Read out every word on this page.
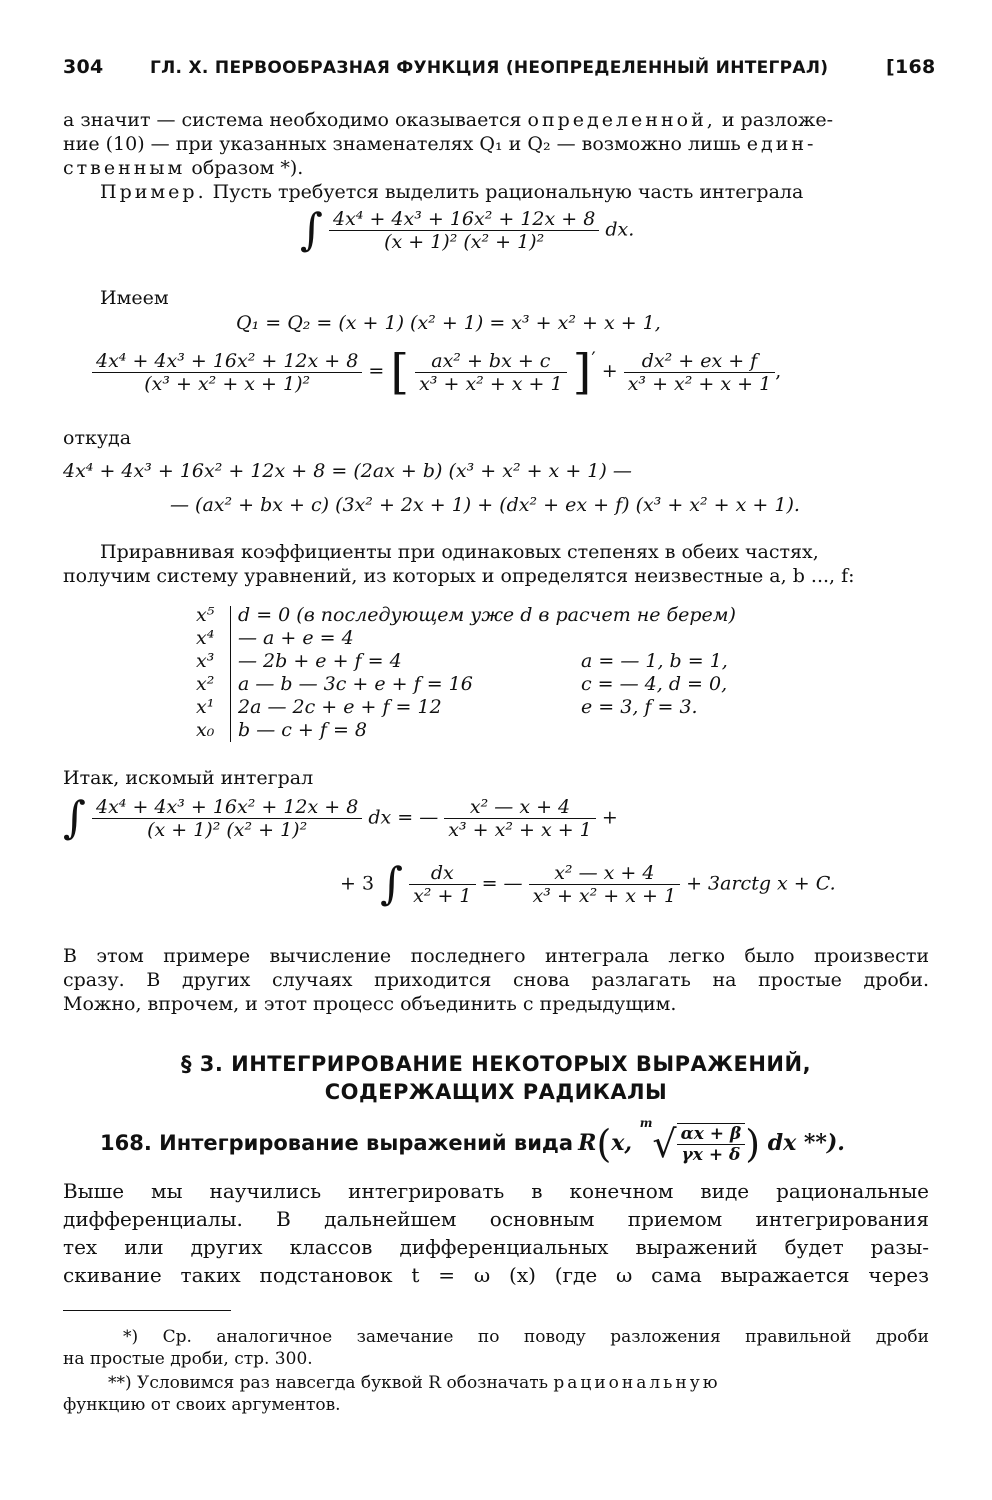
304	ГЛ. X. ПЕРВООБРАЗНАЯ ФУНКЦИЯ (НЕОПРЕДЕЛЕННЫЙ ИНТЕГРАЛ)	[168
а значит — система необходимо оказывается определенной, и разложе-
ние (10) — при указанных знаменателях Q₁ и Q₂ — возможно лишь един-
ственным образом *).
Пример. Пусть требуется выделить рациональную часть интеграла
∫ $\frac{\text{4x⁴ + 4x³ + 16x² + 12x + 8}}{\text{(x + 1)² (x² + 1)²}}$ dx.
Имеем
Q₁ = Q₂ = (x + 1) (x² + 1) = x³ + x² + x + 1,
$\frac{\text{4x⁴ + 4x³ + 16x² + 12x + 8}}{\text{(x³ + x² + x + 1)²}}$ = [ $\frac{\text{ax² + bx + c}}{\text{x³ + x² + x + 1}}$ ]′ + $\frac{\text{dx² + ex + f}}{\text{x³ + x² + x + 1}}$ ,
откуда
4x⁴ + 4x³ + 16x² + 12x + 8 = (2ax + b) (x³ + x² + x + 1) —
— (ax² + bx + c) (3x² + 2x + 1) + (dx² + ex + f) (x³ + x² + x + 1).
Приравнивая коэффициенты при одинаковых степенях в обеих частях,
получим систему уравнений, из которых и определятся неизвестные a, b ..., f:
x⁵
x⁴
x³
x²
x¹
x₀
d = 0 (в последующем уже d в расчет не берем)
— a + e = 4
— 2b + e + f = 4
a — b — 3c + e + f = 16
2a — 2c + e + f = 12
b — c + f = 8

a = — 1, b = 1,
c = — 4, d = 0,
e = 3, f = 3.
Итак, искомый интеграл
∫ $\frac{\text{4x⁴ + 4x³ + 16x² + 12x + 8}}{\text{(x + 1)² (x² + 1)²}}$ dx = — $\frac{\text{x² — x + 4}}{\text{x³ + x² + x + 1}}$ +
+ 3 ∫ $\frac{dx}{\text{x² + 1}}$ = — $\frac{\text{x² — x + 4}}{\text{x³ + x² + x + 1}}$ + 3arctg x + C.
В этом примере вычисление последнего интеграла легко было произвести
сразу. В других случаях приходится снова разлагать на простые дроби.
Можно, впрочем, и этот процесс объединить с предыдущим.
§ 3. ИНТЕГРИРОВАНИЕ НЕКОТОРЫХ ВЫРАЖЕНИЙ,
СОДЕРЖАЩИХ РАДИКАЛЫ
168. Интегрирование выражений вида R(x, $^m√ \frac{\alpha x + \beta}{\gamma x + \delta}$ ) dx **).
Выше мы научились интегрировать в конечном виде рациональные
дифференциалы. В дальнейшем основным приемом интегрирования
тех или других классов дифференциальных выражений будет разы-
скивание таких подстановок t = ω (x) (где ω сама выражается через
*) Ср. аналогичное замечание по поводу разложения правильной дроби
на простые дроби, стр. 300.
**) Условимся раз навсегда буквой R обозначать рациональную
функцию от своих аргументов.
